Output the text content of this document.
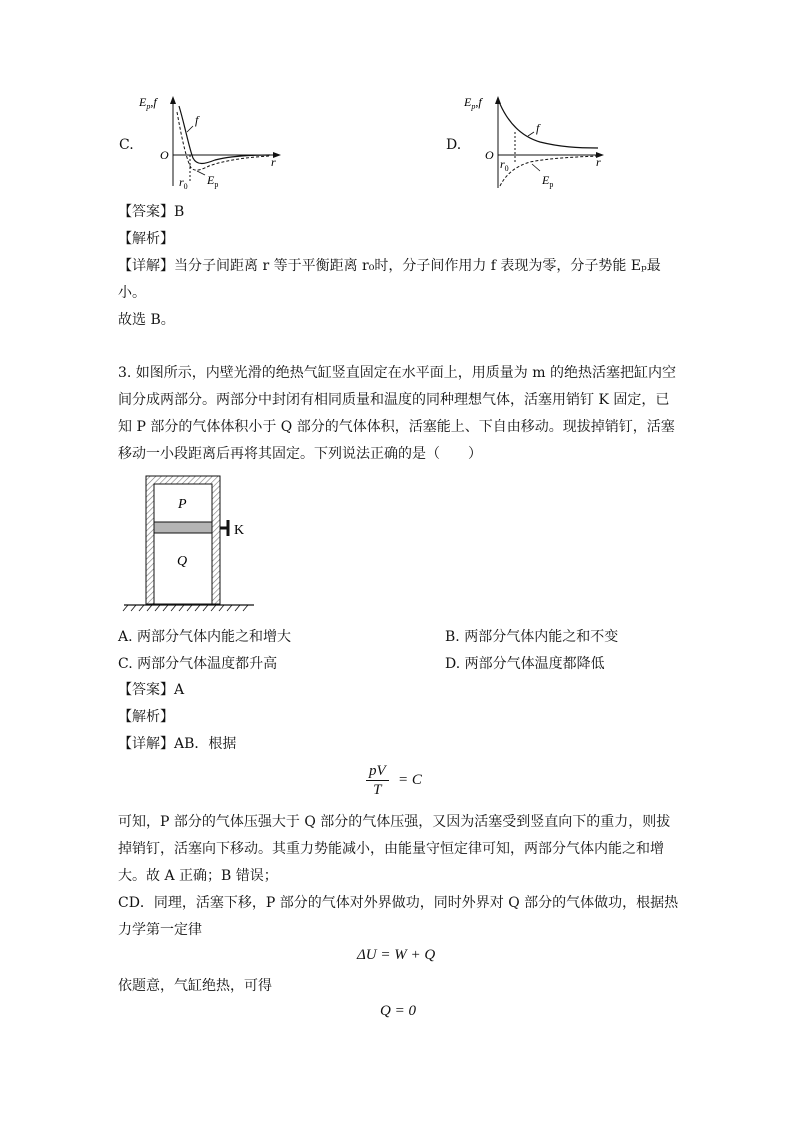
C.
$E_p,f$
f
O	r
$r_0$ $E_p$
D.
$E_p,f$
f
O	r
$r_0$
$E_p$
【答案】B
【解析】
【详解】当分子间距离 r 等于平衡距离 r₀时，分子间作用力 f 表现为零，分子势能 Eₚ最
小。
故选 B。
3. 如图所示，内壁光滑的绝热气缸竖直固定在水平面上，用质量为 m 的绝热活塞把缸内空
间分成两部分。两部分中封闭有相同质量和温度的同种理想气体，活塞用销钉 K 固定，已
知 P 部分的气体体积小于 Q 部分的气体体积，活塞能上、下自由移动。现拔掉销钉，活塞
移动一小段距离后再将其固定。下列说法正确的是（　　）
P
Q
K
A. 两部分气体内能之和增大	B. 两部分气体内能之和不变
C. 两部分气体温度都升高	D. 两部分气体温度都降低
【答案】A
【解析】
【详解】AB．根据
$\frac{pV}{T} = C$
可知，P 部分的气体压强大于 Q 部分的气体压强，又因为活塞受到竖直向下的重力，则拔
掉销钉，活塞向下移动。其重力势能减小，由能量守恒定律可知，两部分气体内能之和增
大。故 A 正确；B 错误；
CD．同理，活塞下移，P 部分的气体对外界做功，同时外界对 Q 部分的气体做功，根据热
力学第一定律
ΔU = W + Q
依题意，气缸绝热，可得
Q = 0
